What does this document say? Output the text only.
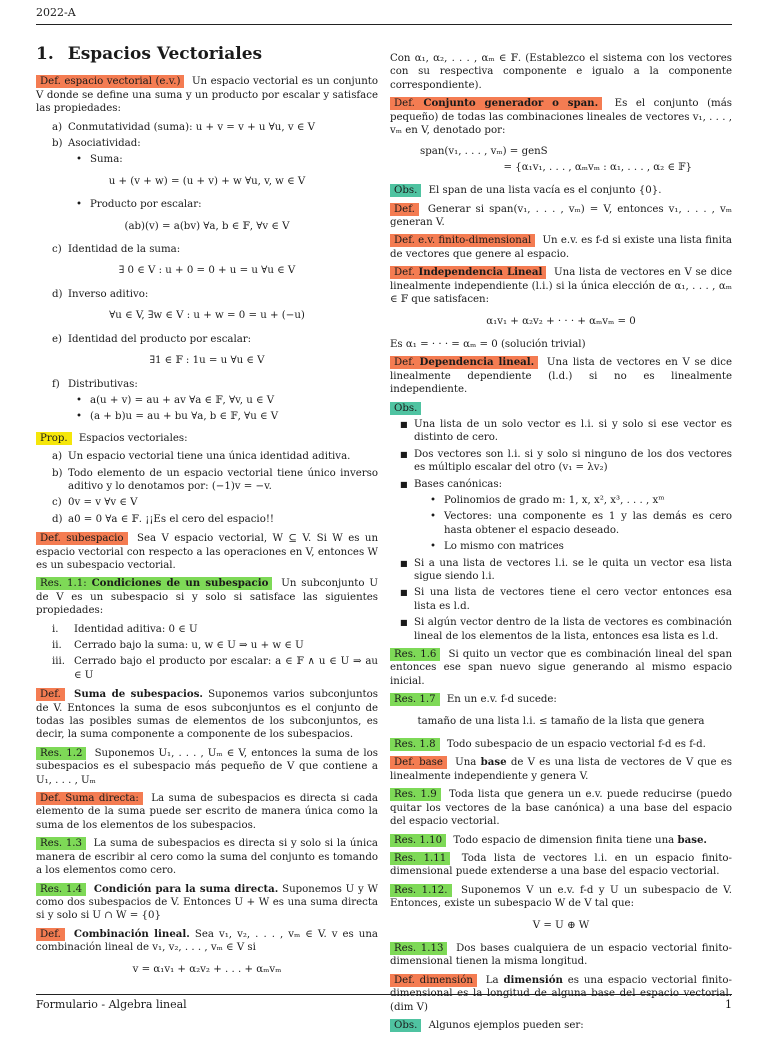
2022-A
1. Espacios Vectoriales
Def. espacio vectorial (e.v.) Un espacio vectorial es un conjunto V donde se define una suma y un producto por escalar y satisface las propiedades:
a) Conmutatividad (suma): u + v = v + u ∀u, v ∈ V
b) Asociatividad:
• Suma:
u + (v + w) = (u + v) + w ∀u, v, w ∈ V
• Producto por escalar:
(ab)(v) = a(bv) ∀a, b ∈ 𝔽, ∀v ∈ V
c) Identidad de la suma:
∃ 0 ∈ V : u + 0 = 0 + u = u ∀u ∈ V
d) Inverso aditivo:
∀u ∈ V, ∃w ∈ V : u + w = 0 = u + (−u)
e) Identidad del producto por escalar:
∃1 ∈ 𝔽 : 1u = u ∀u ∈ V
f) Distributivas:
• a(u + v) = au + av ∀a ∈ 𝔽, ∀v, u ∈ V
• (a + b)u = au + bu ∀a, b ∈ 𝔽, ∀u ∈ V
Prop. Espacios vectoriales:
a) Un espacio vectorial tiene una única identidad aditiva.
b) Todo elemento de un espacio vectorial tiene único inverso aditivo y lo denotamos por: (−1)v = −v.
c) 0v = v ∀v ∈ V
d) a0 = 0 ∀a ∈ 𝔽. ¡¡Es el cero del espacio!!
Def. subespacio Sea V espacio vectorial, W ⊆ V. Si W es un espacio vectorial con respecto a las operaciones en V, entonces W es un subespacio vectorial.
Res. 1.1: Condiciones de un subespacio Un subconjunto U de V es un subespacio si y solo si satisface las siguientes propiedades:
i.	Identidad aditiva: 0 ∈ U
ii.	Cerrado bajo la suma: u, w ∈ U ⇒ u + w ∈ U
iii. Cerrado bajo el producto por escalar: a ∈ 𝔽 ∧ u ∈ U ⇒ au ∈ U
Def. Suma de subespacios. Suponemos varios subconjuntos de V. Entonces la suma de esos subconjuntos es el conjunto de todas las posibles sumas de elementos de los subconjuntos, es decir, la suma componente a componente de los subespacios.
Res. 1.2 Suponemos U₁, . . . , Uₘ ∈ V, entonces la suma de los subespacios es el subespacio más pequeño de V que contiene a U₁, . . . , Uₘ
Def. Suma directa: La suma de subespacios es directa si cada elemento de la suma puede ser escrito de manera única como la suma de los elementos de los subespacios.
Res. 1.3 La suma de subespacios es directa si y solo si la única manera de escribir al cero como la suma del conjunto es tomando a los elementos como cero.
Res. 1.4 Condición para la suma directa. Suponemos U y W como dos subespacios de V. Entonces U + W es una suma directa si y solo si U ∩ W = {0}
Def. Combinación lineal. Sea v₁, v₂, . . . , vₘ ∈ V. v es una combinación lineal de v₁, v₂, . . . , vₘ ∈ V si
v = α₁v₁ + α₂v₂ + . . . + αₘvₘ
Con α₁, α₂, . . . , αₘ ∈ 𝔽. (Establezco el sistema con los vectores con su respectiva componente e igualo a la componente correspondiente).
Def. Conjunto generador o span. Es el conjunto (más pequeño) de todas las combinaciones lineales de vectores v₁, . . . , vₘ en V, denotado por:
span(v₁, . . . , vₘ) = genS
= {α₁v₁, . . . , αₘvₘ : α₁, . . . , α₂ ∈ 𝔽}
Obs. El span de una lista vacía es el conjunto {0}.
Def. Generar si span(v₁, . . . , vₘ) = V, entonces v₁, . . . , vₘ generan V.
Def. e.v. finito-dimensional Un e.v. es f-d si existe una lista finita de vectores que genere al espacio.
Def. Independencia Lineal Una lista de vectores en V se dice linealmente independiente (l.i.) si la única elección de α₁, . . . , αₘ ∈ 𝔽 que satisfacen:
α₁v₁ + α₂v₂ + · · · + αₘvₘ = 0
Es α₁ = · · · = αₘ = 0 (solución trivial)
Def. Dependencia lineal. Una lista de vectores en V se dice linealmente dependiente (l.d.) si no es linealmente independiente.
Obs.
■ Una lista de un solo vector es l.i. si y solo si ese vector es distinto de cero.
■ Dos vectores son l.i. si y solo si ninguno de los dos vectores es múltiplo escalar del otro (v₁ = λv₂)
■ Bases canónicas:
• Polinomios de grado m: 1, x, x², x³, . . . , xᵐ
• Vectores: una componente es 1 y las demás es cero hasta obtener el espacio deseado.
• Lo mismo con matrices
■ Si a una lista de vectores l.i. se le quita un vector esa lista sigue siendo l.i.
■ Si una lista de vectores tiene el cero vector entonces esa lista es l.d.
■ Si algún vector dentro de la lista de vectores es combinación lineal de los elementos de la lista, entonces esa lista es l.d.
Res. 1.6 Si quito un vector que es combinación lineal del span entonces ese span nuevo sigue generando al mismo espacio inicial.
Res. 1.7 En un e.v. f-d sucede:
tamaño de una lista l.i. ≤ tamaño de la lista que genera
Res. 1.8 Todo subespacio de un espacio vectorial f-d es f-d.
Def. base Una base de V es una lista de vectores de V que es linealmente independiente y genera V.
Res. 1.9 Toda lista que genera un e.v. puede reducirse (puedo quitar los vectores de la base canónica) a una base del espacio del espacio vectorial.
Res. 1.10 Todo espacio de dimension finita tiene una base.
Res. 1.11 Toda lista de vectores l.i. en un espacio finito-dimensional puede extenderse a una base del espacio vectorial.
Res. 1.12. Suponemos V un e.v. f-d y U un subespacio de V. Entonces, existe un subespacio W de V tal que:
V = U ⊕ W
Res. 1.13 Dos bases cualquiera de un espacio vectorial finito-dimensional tienen la misma longitud.
Def. dimensión La dimensión es una espacio vectorial finito-dimensional es la longitud de alguna base del espacio vectorial. (dim V)
Obs. Algunos ejemplos pueden ser:
Formulario - Algebra lineal	1
